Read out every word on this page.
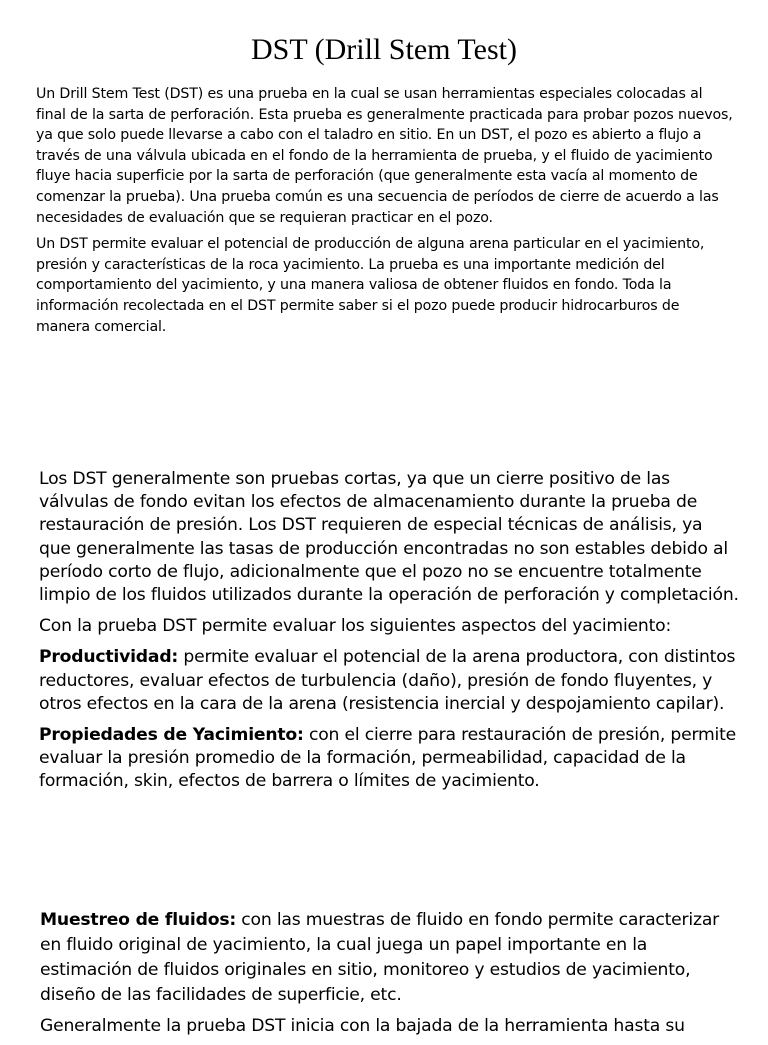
DST (Drill Stem Test)

Un Drill Stem Test (DST) es una prueba en la cual se usan herramientas especiales colocadas al final de la sarta de perforación. Esta prueba es generalmente practicada para probar pozos nuevos, ya que solo puede llevarse a cabo con el taladro en sitio. En un DST, el pozo es abierto a flujo a través de una válvula ubicada en el fondo de la herramienta de prueba, y el fluido de yacimiento fluye hacia superficie por la sarta de perforación (que generalmente esta vacía al momento de comenzar la prueba). Una prueba común es una secuencia de períodos de cierre de acuerdo a las necesidades de evaluación que se requieran practicar en el pozo.

Un DST permite evaluar el potencial de producción de alguna arena particular en el yacimiento, presión y características de la roca yacimiento. La prueba es una importante medición del comportamiento del yacimiento, y una manera valiosa de obtener fluidos en fondo. Toda la información recolectada en el DST permite saber si el pozo puede producir hidrocarburos de manera comercial.

Los DST generalmente son pruebas cortas, ya que un cierre positivo de las válvulas de fondo evitan los efectos de almacenamiento durante la prueba de restauración de presión. Los DST requieren de especial técnicas de análisis, ya que generalmente las tasas de producción encontradas no son estables debido al período corto de flujo, adicionalmente que el pozo no se encuentre totalmente limpio de los fluidos utilizados durante la operación de perforación y completación.

Con la prueba DST permite evaluar los siguientes aspectos del yacimiento:

Productividad: permite evaluar el potencial de la arena productora, con distintos reductores, evaluar efectos de turbulencia (daño), presión de fondo fluyentes, y otros efectos en la cara de la arena (resistencia inercial y despojamiento capilar).

Propiedades de Yacimiento: con el cierre para restauración de presión, permite evaluar la presión promedio de la formación, permeabilidad, capacidad de la formación, skin, efectos de barrera o límites de yacimiento.

Muestreo de fluidos: con las muestras de fluido en fondo permite caracterizar en fluido original de yacimiento, la cual juega un papel importante en la estimación de fluidos originales en sitio, monitoreo y estudios de yacimiento, diseño de las facilidades de superficie, etc.

Generalmente la prueba DST inicia con la bajada de la herramienta hasta su
